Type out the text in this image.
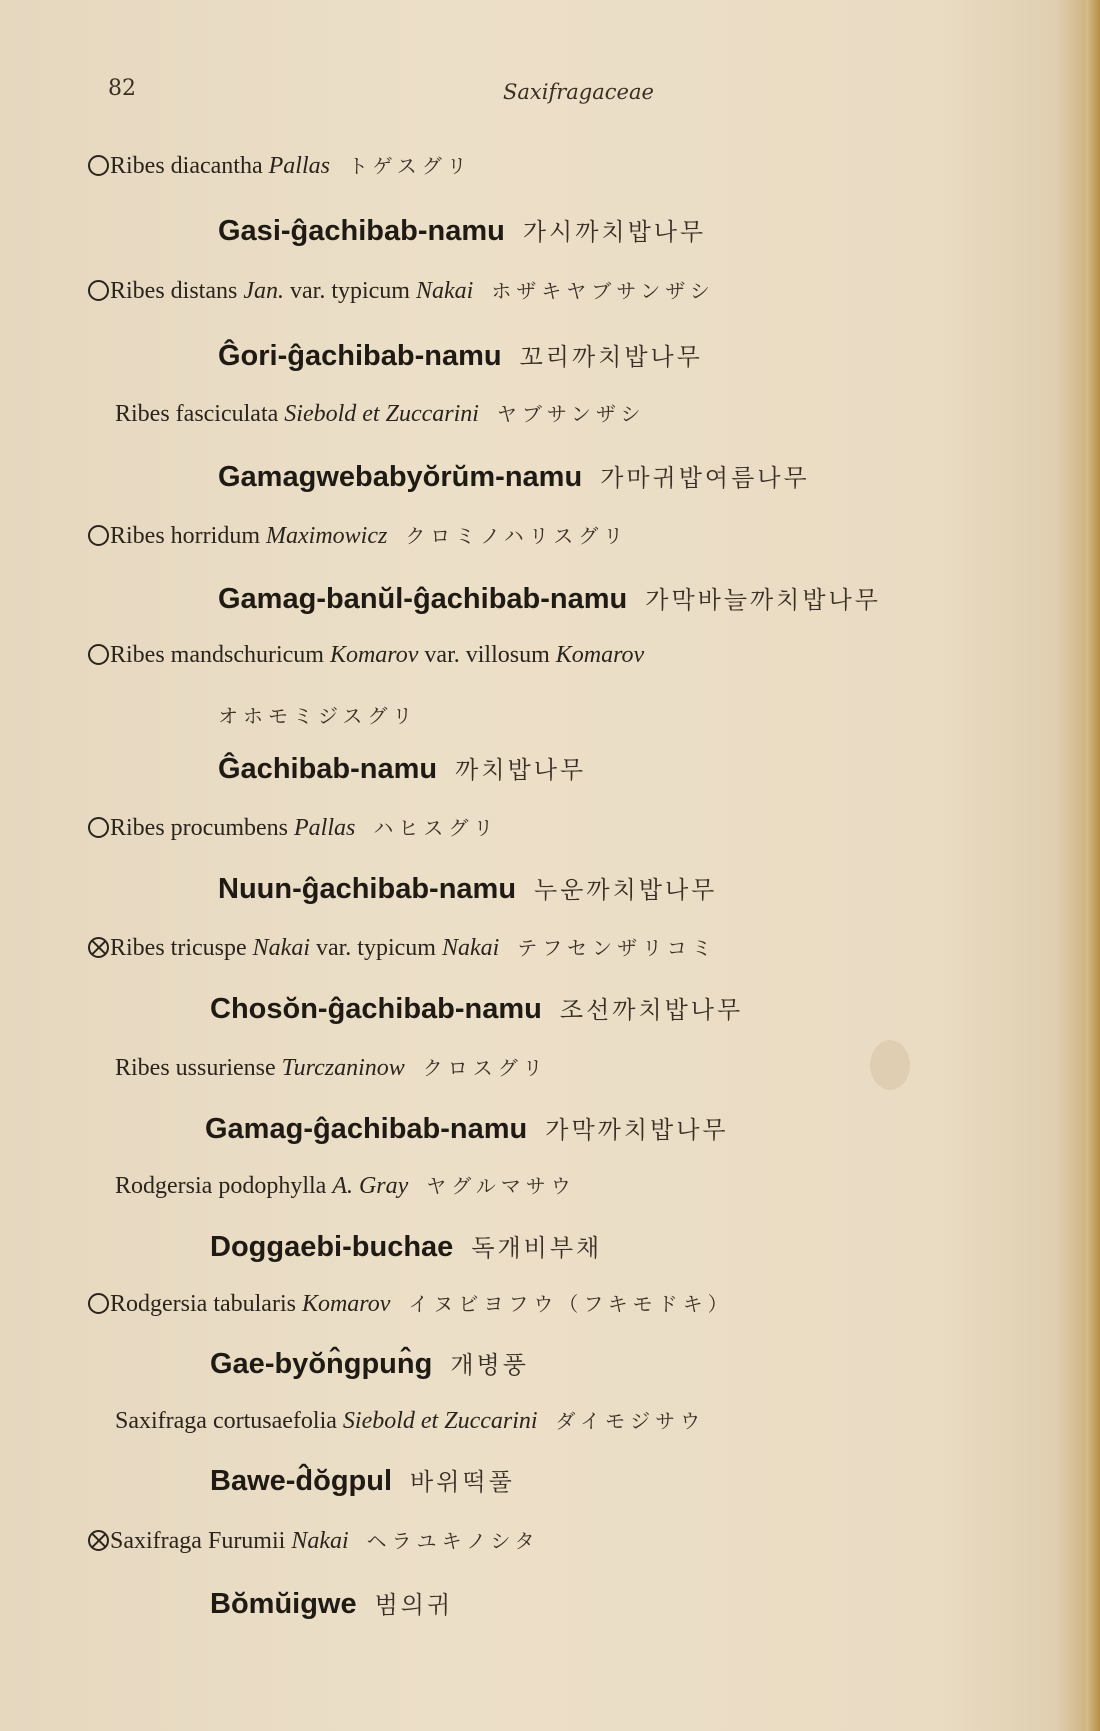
82	Saxifragaceae
Ribes diacantha Pallas トゲスグリ
Gasi-ĝachibab-namu 가시까치밥나무
Ribes distans Jan. var. typicum Nakai ホザキヤブサンザシ
Ĝori-ĝachibab-namu 꼬리까치밥나무
Ribes fasciculata Siebold et Zuccarini ヤブサンザシ
Gamagwebabyŏrŭm-namu 가마귀밥여름나무
Ribes horridum Maximowicz クロミノハリスグリ
Gamag-banŭl-ĝachibab-namu 가막바늘까치밥나무
Ribes mandschuricum Komarov var. villosum Komarov
オホモミジスグリ
Ĝachibab-namu 까치밥나무
Ribes procumbens Pallas ハヒスグリ
Nuun-ĝachibab-namu 누운까치밥나무
Ribes tricuspe Nakai var. typicum Nakai テフセンザリコミ
Chosŏn-ĝachibab-namu 조선까치밥나무
Ribes ussuriense Turczaninow クロスグリ
Gamag-ĝachibab-namu 가막까치밥나무
Rodgersia podophylla A. Gray ヤグルマサウ
Doggaebi-buchae 독개비부채
Rodgersia tabularis Komarov イヌビヨフウ（フキモドキ）
Gae-byŏn̂gpun̂g 개병풍
Saxifraga cortusaefolia Siebold et Zuccarini ダイモジサウ
Bawe-d̂ŏgpul 바위떡풀
Saxifraga Furumii Nakai ヘラユキノシタ
Bŏmŭigwe 범의귀
